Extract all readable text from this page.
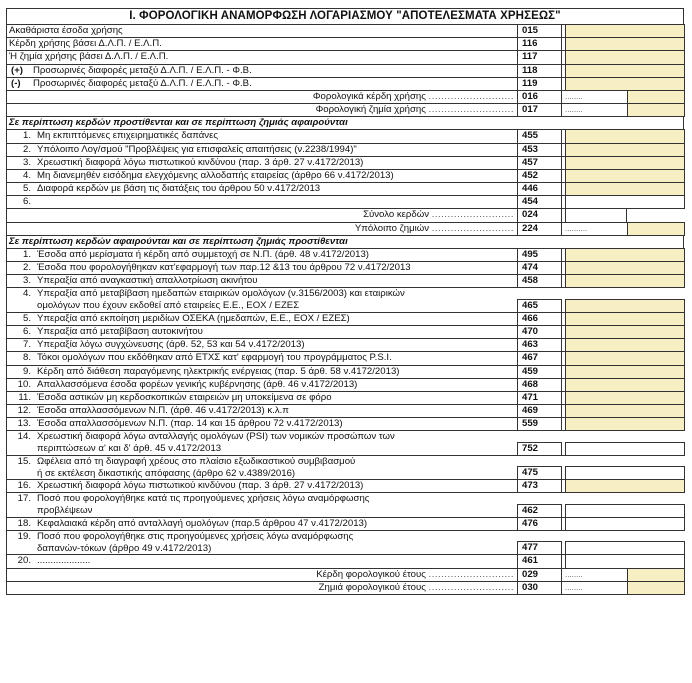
I. ΦΟΡΟΛΟΓΙΚΗ ΑΝΑΜΟΡΦΩΣΗ ΛΟΓΑΡΙΑΣΜΟΥ "ΑΠΟΤΕΛΕΣΜΑΤΑ ΧΡΗΣΕΩΣ"
Ακαθάριστα έσοδα χρήσης	015
Κέρδη χρήσης βάσει Δ.Λ.Π. / Ε.Λ.Π.	116
Ή ζημία χρήσης βάσει Δ.Λ.Π. / Ε.Λ.Π.	117
(+) Προσωρινές διαφορές μεταξύ Δ.Λ.Π. / Ε.Λ.Π. - Φ.Β.	118
(-) Προσωρινές διαφορές μεταξύ Δ.Λ.Π. / Ε.Λ.Π. - Φ.Β.	119
Φορολογικά κέρδη χρήσης ........................... 016	........
Φορολογική ζημία χρήσης ........................... 017	........
Σε περίπτωση κερδών προστίθενται και σε περίπτωση ζημιάς αφαιρούνται
1. Μη εκπιπτόμενες επιχειρηματικές δαπάνες	455
2. Υπόλοιπο Λογ/σμού "Προβλέψεις για επισφαλείς απαιτήσεις (ν.2238/1994)"	453
3. Χρεωστική διαφορά λόγω πιστωτικού κινδύνου (παρ. 3 άρθ. 27 ν.4172/2013)	457
4. Μη διανεμηθέν εισόδημα ελεγχόμενης αλλοδαπής εταιρείας (άρθρο 66 ν.4172/2013)	452
5. Διαφορά κερδών με βάση τις διατάξεις του άρθρου 50 ν.4172/2013	446
6.	454
Σύνολο κερδών .......................... 024
Υπόλοιπο ζημιών .......................... 224	..........
Σε περίπτωση κερδών αφαιρούνται και σε περίπτωση ζημιάς προστίθενται
1. Έσοδα από μερίσματα ή κέρδη από συμμετοχή σε Ν.Π. (άρθ. 48 ν.4172/2013)	495
2. Έσοδα που φορολογήθηκαν κατ'εφαρμογή των παρ.12 &13 του άρθρου 72 ν.4172/2013	474
3. Υπεραξία από αναγκαστική απαλλοτρίωση ακινήτου	458
4. Υπεραξία από μεταβίβαση ημεδαπών εταιρικών ομολόγων (ν.3156/2003) και εταιρικών
ομολόγων που έχουν εκδοθεί από εταιρείες Ε.Ε., ΕΟΧ / ΕΖΕΣ	465
5. Υπεραξία από εκποίηση μεριδίων ΟΣΕΚΑ (ημεδαπών, Ε.Ε., ΕΟΧ / ΕΖΕΣ)	466
6. Υπεραξία από μεταβίβαση αυτοκινήτου	470
7. Υπεραξία λόγω συγχώνευσης (άρθ. 52, 53 και 54 ν.4172/2013)	463
8. Τόκοι ομολόγων που εκδόθηκαν από ΕΤΧΣ κατ' εφαρμογή του προγράμματος P.S.I.	467
9. Κέρδη από διάθεση παραγόμενης ηλεκτρικής ενέργειας (παρ. 5 άρθ. 58 ν.4172/2013)	459
10. Απαλλασσόμενα έσοδα φορέων γενικής κυβέρνησης (άρθ. 46 ν.4172/2013)	468
11. Έσοδα αστικών μη κερδοσκοπικών εταιρειών μη υποκείμενα σε φόρο	471
12. Έσοδα απαλλασσόμενων Ν.Π. (άρθ. 46 ν.4172/2013) κ.λ.π	469
13. Έσοδα απαλλασσόμενων Ν.Π. (παρ. 14 και 15 άρθρου 72 ν.4172/2013)	559
14. Χρεωστική διαφορά λόγω ανταλλαγής ομολόγων (PSI) των νομικών προσώπων των
περιπτώσεων α' και δ' άρθ. 45 ν.4172/2013	752
15. Ωφέλεια από τη διαγραφή χρέους στο πλαίσιο εξωδικαστικού συμβιβασμού
ή σε εκτέλεση δικαστικής απόφασης (άρθρο 62 ν.4389/2016)	475
16. Χρεωστική διαφορά λόγω πιστωτικού κινδύνου (παρ. 3 άρθ. 27 ν.4172/2013)	473
17. Ποσό που φορολογήθηκε κατά τις προηγούμενες χρήσεις λόγω αναμόρφωσης
προβλέψεων	462
18. Κεφαλαιακά κέρδη από ανταλλαγή ομολόγων (παρ.5 άρθρου 47 ν.4172/2013)	476
19. Ποσό που φορολογήθηκε στις προηγούμενες χρήσεις λόγω αναμόρφωσης
δαπανών-τόκων (άρθρο 49 ν.4172/2013)	477
20. ....................	461
Κέρδη φορολογικού έτους ........................... 029	........
Ζημιά φορολογικού έτους ........................... 030	........
